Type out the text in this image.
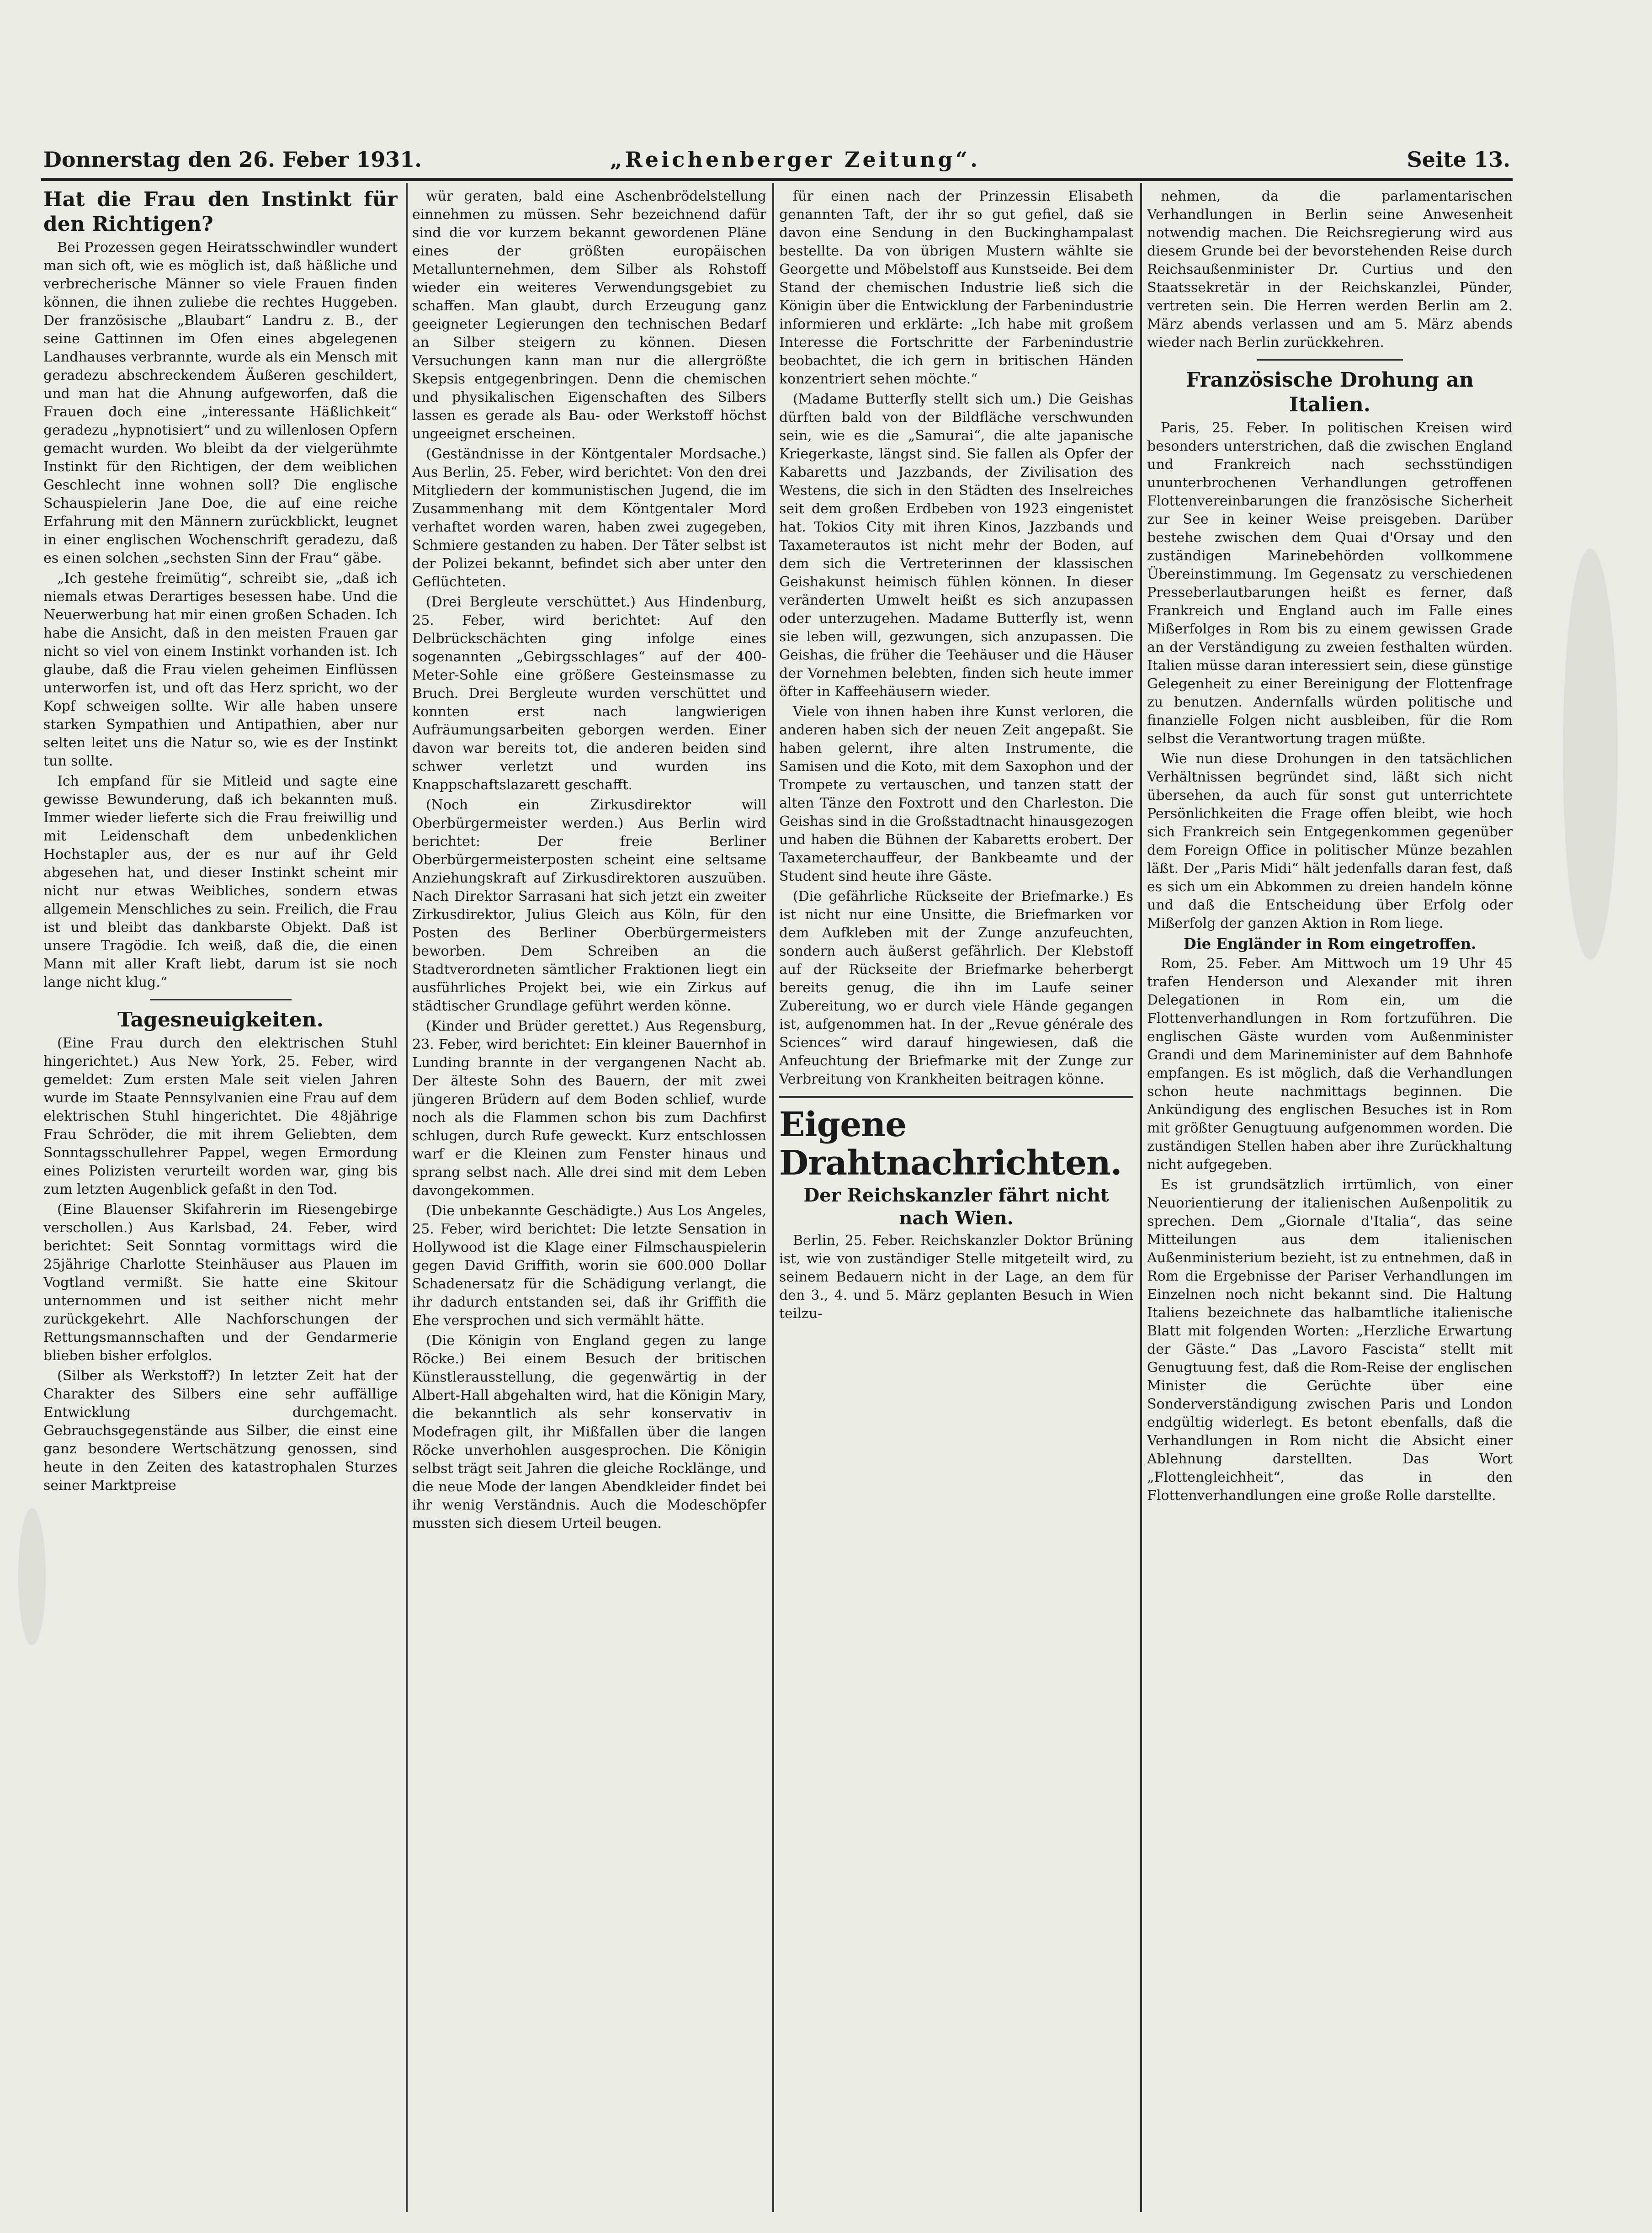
Donnerstag den 26. Feber 1931.	„Reichenberger Zeitung“.	Seite 13.

Hat die Frau den Instinkt für den Richtigen?

Bei Prozessen gegen Heiratsschwindler wundert man sich oft, wie es möglich ist, daß häßliche und verbrecherische Männer so viele Frauen finden können, die ihnen zuliebe die rechtes Huggeben. Der französische „Blaubart“ Landru z. B., der seine Gattinnen im Ofen eines abgelegenen Landhauses verbrannte, wurde als ein Mensch mit geradezu abschreckendem Äußeren geschildert, und man hat die Ahnung aufgeworfen, daß die Frauen doch eine „interessante Häßlichkeit“ geradezu „hypnotisiert“ und zu willenlosen Opfern gemacht wurden. Wo bleibt da der vielgerühmte Instinkt für den Richtigen, der dem weiblichen Geschlecht inne wohnen soll? Die englische Schauspielerin Jane Doe, die auf eine reiche Erfahrung mit den Männern zurückblickt, leugnet in einer englischen Wochenschrift geradezu, daß es einen solchen „sechsten Sinn der Frau“ gäbe.

„Ich gestehe freimütig“, schreibt sie, „daß ich niemals etwas Derartiges besessen habe. Und die Neuerwerbung hat mir einen großen Schaden. Ich habe die Ansicht, daß in den meisten Frauen gar nicht so viel von einem Instinkt vorhanden ist. Ich glaube, daß die Frau vielen geheimen Einflüssen unterworfen ist, und oft das Herz spricht, wo der Kopf schweigen sollte. Wir alle haben unsere starken Sympathien und Antipathien, aber nur selten leitet uns die Natur so, wie es der Instinkt tun sollte.

Ich empfand für sie Mitleid und sagte eine gewisse Bewunderung, daß ich bekannten muß. Immer wieder lieferte sich die Frau freiwillig und mit Leidenschaft dem unbedenklichen Hochstapler aus, der es nur auf ihr Geld abgesehen hat, und dieser Instinkt scheint mir nicht nur etwas Weibliches, sondern etwas allgemein Menschliches zu sein. Freilich, die Frau ist und bleibt das dankbarste Objekt. Daß ist unsere Tragödie. Ich weiß, daß die, die einen Mann mit aller Kraft liebt, darum ist sie noch lange nicht klug.“

Tagesneuigkeiten.

(Eine Frau durch den elektrischen Stuhl hingerichtet.) Aus New York, 25. Feber, wird gemeldet: Zum ersten Male seit vielen Jahren wurde im Staate Pennsylvanien eine Frau auf dem elektrischen Stuhl hingerichtet. Die 48jährige Frau Schröder, die mit ihrem Geliebten, dem Sonntagsschullehrer Pappel, wegen Ermordung eines Polizisten verurteilt worden war, ging bis zum letzten Augenblick gefaßt in den Tod.

(Eine Blauenser Skifahrerin im Riesengebirge verschollen.) Aus Karlsbad, 24. Feber, wird berichtet: Seit Sonntag vormittags wird die 25jährige Charlotte Steinhäuser aus Plauen im Vogtland vermißt. Sie hatte eine Skitour unternommen und ist seither nicht mehr zurückgekehrt. Alle Nachforschungen der Rettungsmannschaften und der Gendarmerie blieben bisher erfolglos.

(Silber als Werkstoff?) In letzter Zeit hat der Charakter des Silbers eine sehr auffällige Entwicklung durchgemacht. Gebrauchsgegenstände aus Silber, die einst eine ganz besondere Wertschätzung genossen, sind heute in den Zeiten des katastrophalen Sturzes seiner Marktpreise

wür geraten, bald eine Aschenbrödelstellung einnehmen zu müssen. Sehr bezeichnend dafür sind die vor kurzem bekannt gewordenen Pläne eines der größten europäischen Metallunternehmen, dem Silber als Rohstoff wieder ein weiteres Verwendungsgebiet zu schaffen. Man glaubt, durch Erzeugung ganz geeigneter Legierungen den technischen Bedarf an Silber steigern zu können. Diesen Versuchungen kann man nur die allergrößte Skepsis entgegenbringen. Denn die chemischen und physikalischen Eigenschaften des Silbers lassen es gerade als Bau- oder Werkstoff höchst ungeeignet erscheinen.

(Geständnisse in der Köntgentaler Mordsache.) Aus Berlin, 25. Feber, wird berichtet: Von den drei Mitgliedern der kommunistischen Jugend, die im Zusammenhang mit dem Köntgentaler Mord verhaftet worden waren, haben zwei zugegeben, Schmiere gestanden zu haben. Der Täter selbst ist der Polizei bekannt, befindet sich aber unter den Geflüchteten.

(Drei Bergleute verschüttet.) Aus Hindenburg, 25. Feber, wird berichtet: Auf den Delbrückschächten ging infolge eines sogenannten „Gebirgsschlages“ auf der 400-Meter-Sohle eine größere Gesteinsmasse zu Bruch. Drei Bergleute wurden verschüttet und konnten erst nach langwierigen Aufräumungsarbeiten geborgen werden. Einer davon war bereits tot, die anderen beiden sind schwer verletzt und wurden ins Knappschaftslazarett geschafft.

(Noch ein Zirkusdirektor will Oberbürgermeister werden.) Aus Berlin wird berichtet: Der freie Berliner Oberbürgermeisterposten scheint eine seltsame Anziehungskraft auf Zirkusdirektoren auszuüben. Nach Direktor Sarrasani hat sich jetzt ein zweiter Zirkusdirektor, Julius Gleich aus Köln, für den Posten des Berliner Oberbürgermeisters beworben. Dem Schreiben an die Stadtverordneten sämtlicher Fraktionen liegt ein ausführliches Projekt bei, wie ein Zirkus auf städtischer Grundlage geführt werden könne.

(Kinder und Brüder gerettet.) Aus Regensburg, 23. Feber, wird berichtet: Ein kleiner Bauernhof in Lunding brannte in der vergangenen Nacht ab. Der älteste Sohn des Bauern, der mit zwei jüngeren Brüdern auf dem Boden schlief, wurde noch als die Flammen schon bis zum Dachfirst schlugen, durch Rufe geweckt. Kurz entschlossen warf er die Kleinen zum Fenster hinaus und sprang selbst nach. Alle drei sind mit dem Leben davongekommen.

(Die unbekannte Geschädigte.) Aus Los Angeles, 25. Feber, wird berichtet: Die letzte Sensation in Hollywood ist die Klage einer Filmschauspielerin gegen David Griffith, worin sie 600.000 Dollar Schadenersatz für die Schädigung verlangt, die ihr dadurch entstanden sei, daß ihr Griffith die Ehe versprochen und sich vermählt hätte.

(Die Königin von England gegen zu lange Röcke.) Bei einem Besuch der britischen Künstlerausstellung, die gegenwärtig in der Albert-Hall abgehalten wird, hat die Königin Mary, die bekanntlich als sehr konservativ in Modefragen gilt, ihr Mißfallen über die langen Röcke unverhohlen ausgesprochen. Die Königin selbst trägt seit Jahren die gleiche Rocklänge, und die neue Mode der langen Abendkleider findet bei ihr wenig Verständnis. Auch die Modeschöpfer mussten sich diesem Urteil beugen.

für einen nach der Prinzessin Elisabeth genannten Taft, der ihr so gut gefiel, daß sie davon eine Sendung in den Buckinghampalast bestellte. Da von übrigen Mustern wählte sie Georgette und Möbelstoff aus Kunstseide. Bei dem Stand der chemischen Industrie ließ sich die Königin über die Entwicklung der Farbenindustrie informieren und erklärte: „Ich habe mit großem Interesse die Fortschritte der Farbenindustrie beobachtet, die ich gern in britischen Händen konzentriert sehen möchte.“

(Madame Butterfly stellt sich um.) Die Geishas dürften bald von der Bildfläche verschwunden sein, wie es die „Samurai“, die alte japanische Kriegerkaste, längst sind. Sie fallen als Opfer der Kabaretts und Jazzbands, der Zivilisation des Westens, die sich in den Städten des Inselreiches seit dem großen Erdbeben von 1923 eingenistet hat. Tokios City mit ihren Kinos, Jazzbands und Taxameterautos ist nicht mehr der Boden, auf dem sich die Vertreterinnen der klassischen Geishakunst heimisch fühlen können. In dieser veränderten Umwelt heißt es sich anzupassen oder unterzugehen. Madame Butterfly ist, wenn sie leben will, gezwungen, sich anzupassen. Die Geishas, die früher die Teehäuser und die Häuser der Vornehmen belebten, finden sich heute immer öfter in Kaffeehäusern wieder.

Viele von ihnen haben ihre Kunst verloren, die anderen haben sich der neuen Zeit angepaßt. Sie haben gelernt, ihre alten Instrumente, die Samisen und die Koto, mit dem Saxophon und der Trompete zu vertauschen, und tanzen statt der alten Tänze den Foxtrott und den Charleston. Die Geishas sind in die Großstadtnacht hinausgezogen und haben die Bühnen der Kabaretts erobert. Der Taxameterchauffeur, der Bankbeamte und der Student sind heute ihre Gäste.

(Die gefährliche Rückseite der Briefmarke.) Es ist nicht nur eine Unsitte, die Briefmarken vor dem Aufkleben mit der Zunge anzufeuchten, sondern auch äußerst gefährlich. Der Klebstoff auf der Rückseite der Briefmarke beherbergt bereits genug, die ihn im Laufe seiner Zubereitung, wo er durch viele Hände gegangen ist, aufgenommen hat. In der „Revue générale des Sciences“ wird darauf hingewiesen, daß die Anfeuchtung der Briefmarke mit der Zunge zur Verbreitung von Krankheiten beitragen könne.

Eigene Drahtnachrichten.

Der Reichskanzler fährt nicht nach Wien.

Berlin, 25. Feber. Reichskanzler Doktor Brüning ist, wie von zuständiger Stelle mitgeteilt wird, zu seinem Bedauern nicht in der Lage, an dem für den 3., 4. und 5. März geplanten Besuch in Wien teilzu-

nehmen, da die parlamentarischen Verhandlungen in Berlin seine Anwesenheit notwendig machen. Die Reichsregierung wird aus diesem Grunde bei der bevorstehenden Reise durch Reichsaußenminister Dr. Curtius und den Staatssekretär in der Reichskanzlei, Pünder, vertreten sein. Die Herren werden Berlin am 2. März abends verlassen und am 5. März abends wieder nach Berlin zurückkehren.

Französische Drohung an Italien.

Paris, 25. Feber. In politischen Kreisen wird besonders unterstrichen, daß die zwischen England und Frankreich nach sechsstündigen ununterbrochenen Verhandlungen getroffenen Flottenvereinbarungen die französische Sicherheit zur See in keiner Weise preisgeben. Darüber bestehe zwischen dem Quai d'Orsay und den zuständigen Marinebehörden vollkommene Übereinstimmung. Im Gegensatz zu verschiedenen Presseberlautbarungen heißt es ferner, daß Frankreich und England auch im Falle eines Mißerfolges in Rom bis zu einem gewissen Grade an der Verständigung zu zweien festhalten würden. Italien müsse daran interessiert sein, diese günstige Gelegenheit zu einer Bereinigung der Flottenfrage zu benutzen. Andernfalls würden politische und finanzielle Folgen nicht ausbleiben, für die Rom selbst die Verantwortung tragen müßte.

Wie nun diese Drohungen in den tatsächlichen Verhältnissen begründet sind, läßt sich nicht übersehen, da auch für sonst gut unterrichtete Persönlichkeiten die Frage offen bleibt, wie hoch sich Frankreich sein Entgegenkommen gegenüber dem Foreign Office in politischer Münze bezahlen läßt. Der „Paris Midi“ hält jedenfalls daran fest, daß es sich um ein Abkommen zu dreien handeln könne und daß die Entscheidung über Erfolg oder Mißerfolg der ganzen Aktion in Rom liege.

Die Engländer in Rom eingetroffen.

Rom, 25. Feber. Am Mittwoch um 19 Uhr 45 trafen Henderson und Alexander mit ihren Delegationen in Rom ein, um die Flottenverhandlungen in Rom fortzuführen. Die englischen Gäste wurden vom Außenminister Grandi und dem Marineminister auf dem Bahnhofe empfangen. Es ist möglich, daß die Verhandlungen schon heute nachmittags beginnen. Die Ankündigung des englischen Besuches ist in Rom mit größter Genugtuung aufgenommen worden. Die zuständigen Stellen haben aber ihre Zurückhaltung nicht aufgegeben.

Es ist grundsätzlich irrtümlich, von einer Neuorientierung der italienischen Außenpolitik zu sprechen. Dem „Giornale d'Italia“, das seine Mitteilungen aus dem italienischen Außenministerium bezieht, ist zu entnehmen, daß in Rom die Ergebnisse der Pariser Verhandlungen im Einzelnen noch nicht bekannt sind. Die Haltung Italiens bezeichnete das halbamtliche italienische Blatt mit folgenden Worten: „Herzliche Erwartung der Gäste.“ Das „Lavoro Fascista“ stellt mit Genugtuung fest, daß die Rom-Reise der englischen Minister die Gerüchte über eine Sonderverständigung zwischen Paris und London endgültig widerlegt. Es betont ebenfalls, daß die Verhandlungen in Rom nicht die Absicht einer Ablehnung darstellten. Das Wort „Flottengleichheit“, das in den Flottenverhandlungen eine große Rolle darstellte.
